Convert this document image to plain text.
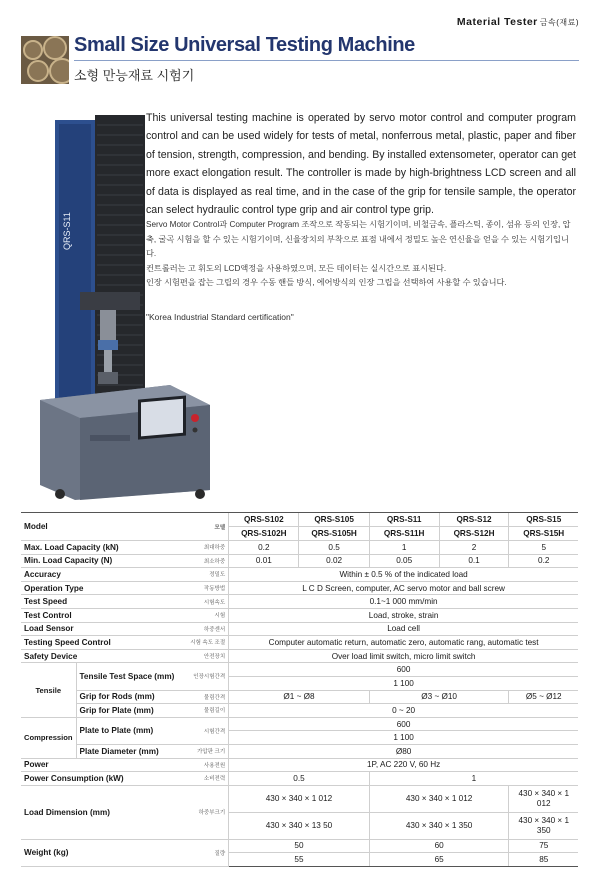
Material Tester 금속(재료)
Small Size Universal Testing Machine
소형 만능재료 시험기
QRS-S11
This universal testing machine is operated by servo motor control and computer program control and can be used widely for tests of metal, nonferrous metal, plastic, paper and fiber of tension, strength, compression, and bending. By installed extensometer, operator can get more exact elongation result. The controller is made by high-brightness LCD screen and all of data is displayed as real time, and in the case of the grip for tensile sample, the operator can select hydraulic control type grip and air control type grip.
Servo Motor Control과 Computer Program 조작으로 작동되는 시험기이며, 비철금속, 플라스틱, 종이, 섬유 등의 인장, 압축, 굴곡 시험을 할 수 있는 시험기이며, 신율장치의 부착으로 표점 내에서 정밀도 높은 연신율을 얻을 수 있는 시험기입니다.
컨트롤러는 고 휘도의 LCD액정을 사용하였으며, 모든 데이터는 실시간으로 표시된다.
인장 시험편을 잡는 그립의 경우 수동 핸들 방식, 에어방식의 인장 그립을 선택하여 사용할 수 있습니다.
"Korea Industrial Standard certification"
Model		모델	QRS-S102	QRS-S105	QRS-S11	QRS-S12	QRS-S15
			QRS-S102H	QRS-S105H	QRS-S11H	QRS-S12H	QRS-S15H
Max. Load Capacity (kN)		최대하중	0.2	0.5	1	2	5
Min. Load Capacity (N)		최소하중	0.01	0.02	0.05	0.1	0.2
Accuracy		정밀도	Within ± 0.5 % of the indicated load				
Operation Type		작동방법	L C D Screen, computer, AC servo motor and ball screw				
Test Speed		시험속도	0.1~1 000 mm/min				
Test Control		시험	Load, stroke, strain				
Load Sensor		하중센서	Load cell				
Testing Speed Control		시험 속도 조절	Computer automatic return, automatic zero, automatic rang, automatic test				
Safety Device		안전장치	Over load limit switch, micro limit switch				
Tensile	Tensile Test Space (mm)	인장시험간격	600				
			1 100				
	Grip for Rods (mm)	물림간격	Ø1 ~ Ø8		Ø3 ~ Ø10		Ø5 ~ Ø12
	Grip for Plate (mm)	물림길이	0 ~ 20				
Compression	Plate to Plate (mm)	시험간격	600				
			1 100				
	Plate Diameter (mm)	가압판 크기	Ø80				
Power		사용전원	1P, AC 220 V, 60 Hz				
Power Consumption (kW)		소비전력	0.5		1		
Load Dimension (mm)		하중부크기	430 × 340 × 1 012		430 × 340 × 1 012		430 × 340 × 1 012
			430 × 340 × 13 50		430 × 340 × 1 350		430 × 340 × 1 350
Weight (kg)		질량	50		60		75
			55		65		85
